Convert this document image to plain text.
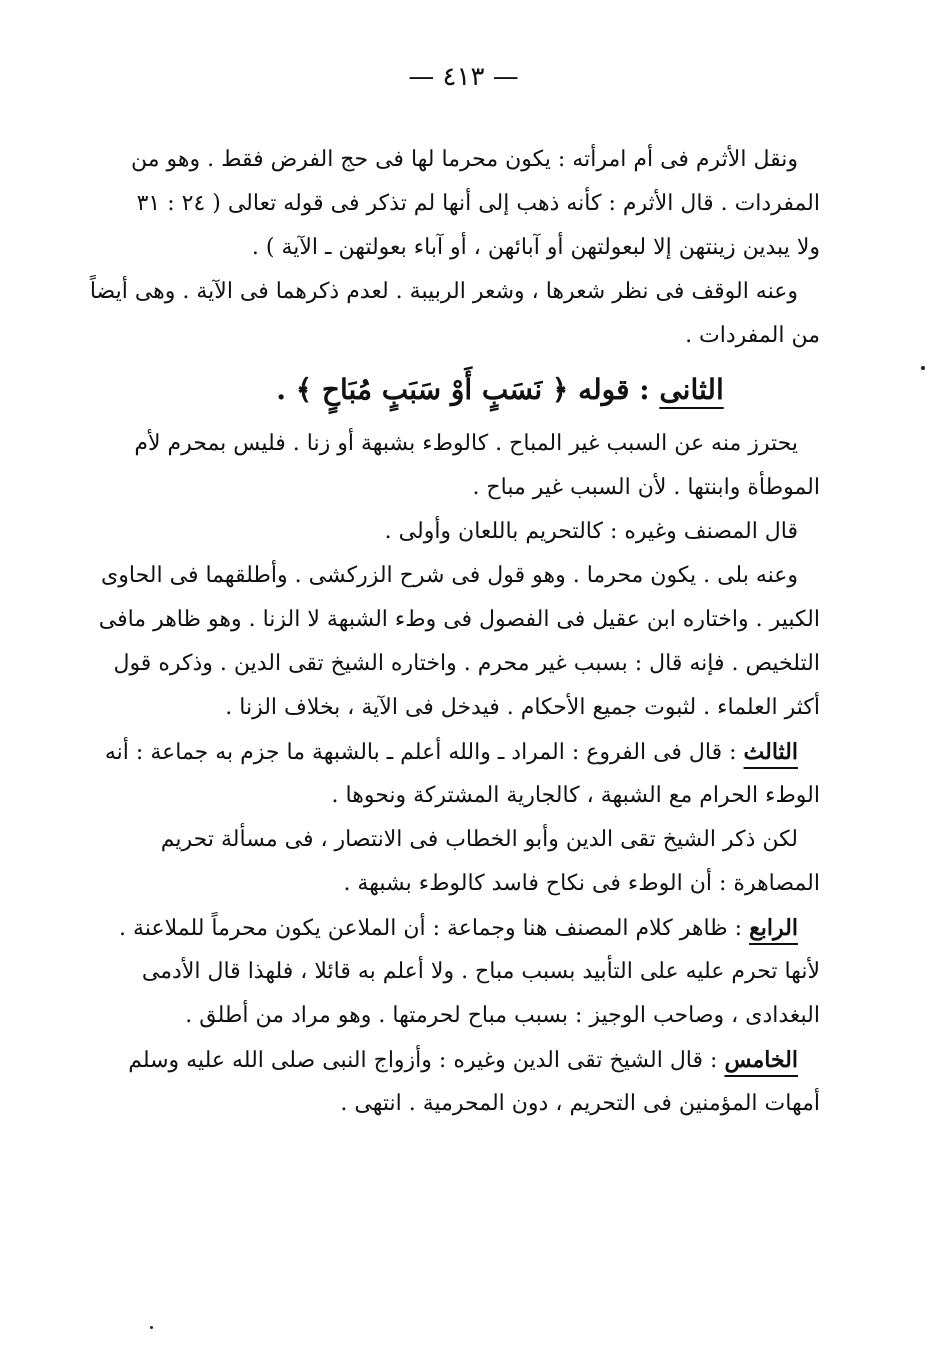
— ٤١٣ —
ونقل الأثرم فى أم امرأته : يكون محرما لها فى حج الفرض فقط . وهو من
المفردات . قال الأثرم : كأنه ذهب إلى أنها لم تذكر فى قوله تعالى ( ٢٤ : ٣١
ولا يبدين زينتهن إلا لبعولتهن أو آبائهن ، أو آباء بعولتهن ـ الآية ) .
وعنه الوقف فى نظر شعرها ، وشعر الربيبة . لعدم ذكرهما فى الآية . وهى أيضاً
من المفردات .
الثانى : قوله ﴿ نَسَبٍ أَوْ سَبَبٍ مُبَاحٍ ﴾ .
يحترز منه عن السبب غير المباح . كالوطء بشبهة أو زنا . فليس بمحرم لأم
الموطأة وابنتها . لأن السبب غير مباح .
قال المصنف وغيره : كالتحريم باللعان وأولى .
وعنه بلى . يكون محرما . وهو قول فى شرح الزركشى . وأطلقهما فى الحاوى
الكبير . واختاره ابن عقيل فى الفصول فى وطء الشبهة لا الزنا . وهو ظاهر مافى
التلخيص . فإنه قال : بسبب غير محرم . واختاره الشيخ تقى الدين . وذكره قول
أكثر العلماء . لثبوت جميع الأحكام . فيدخل فى الآية ، بخلاف الزنا .
الثالث : قال فى الفروع : المراد ـ والله أعلم ـ بالشبهة ما جزم به جماعة : أنه
الوطء الحرام مع الشبهة ، كالجارية المشتركة ونحوها .
لكن ذكر الشيخ تقى الدين وأبو الخطاب فى الانتصار ، فى مسألة تحريم
المصاهرة : أن الوطء فى نكاح فاسد كالوطء بشبهة .
الرابع : ظاهر كلام المصنف هنا وجماعة : أن الملاعن يكون محرماً للملاعنة .
لأنها تحرم عليه على التأبيد بسبب مباح . ولا أعلم به قائلا ، فلهذا قال الأدمى
البغدادى ، وصاحب الوجيز : بسبب مباح لحرمتها . وهو مراد من أطلق .
الخامس : قال الشيخ تقى الدين وغيره : وأزواج النبى صلى الله عليه وسلم
أمهات المؤمنين فى التحريم ، دون المحرمية . انتهى .
